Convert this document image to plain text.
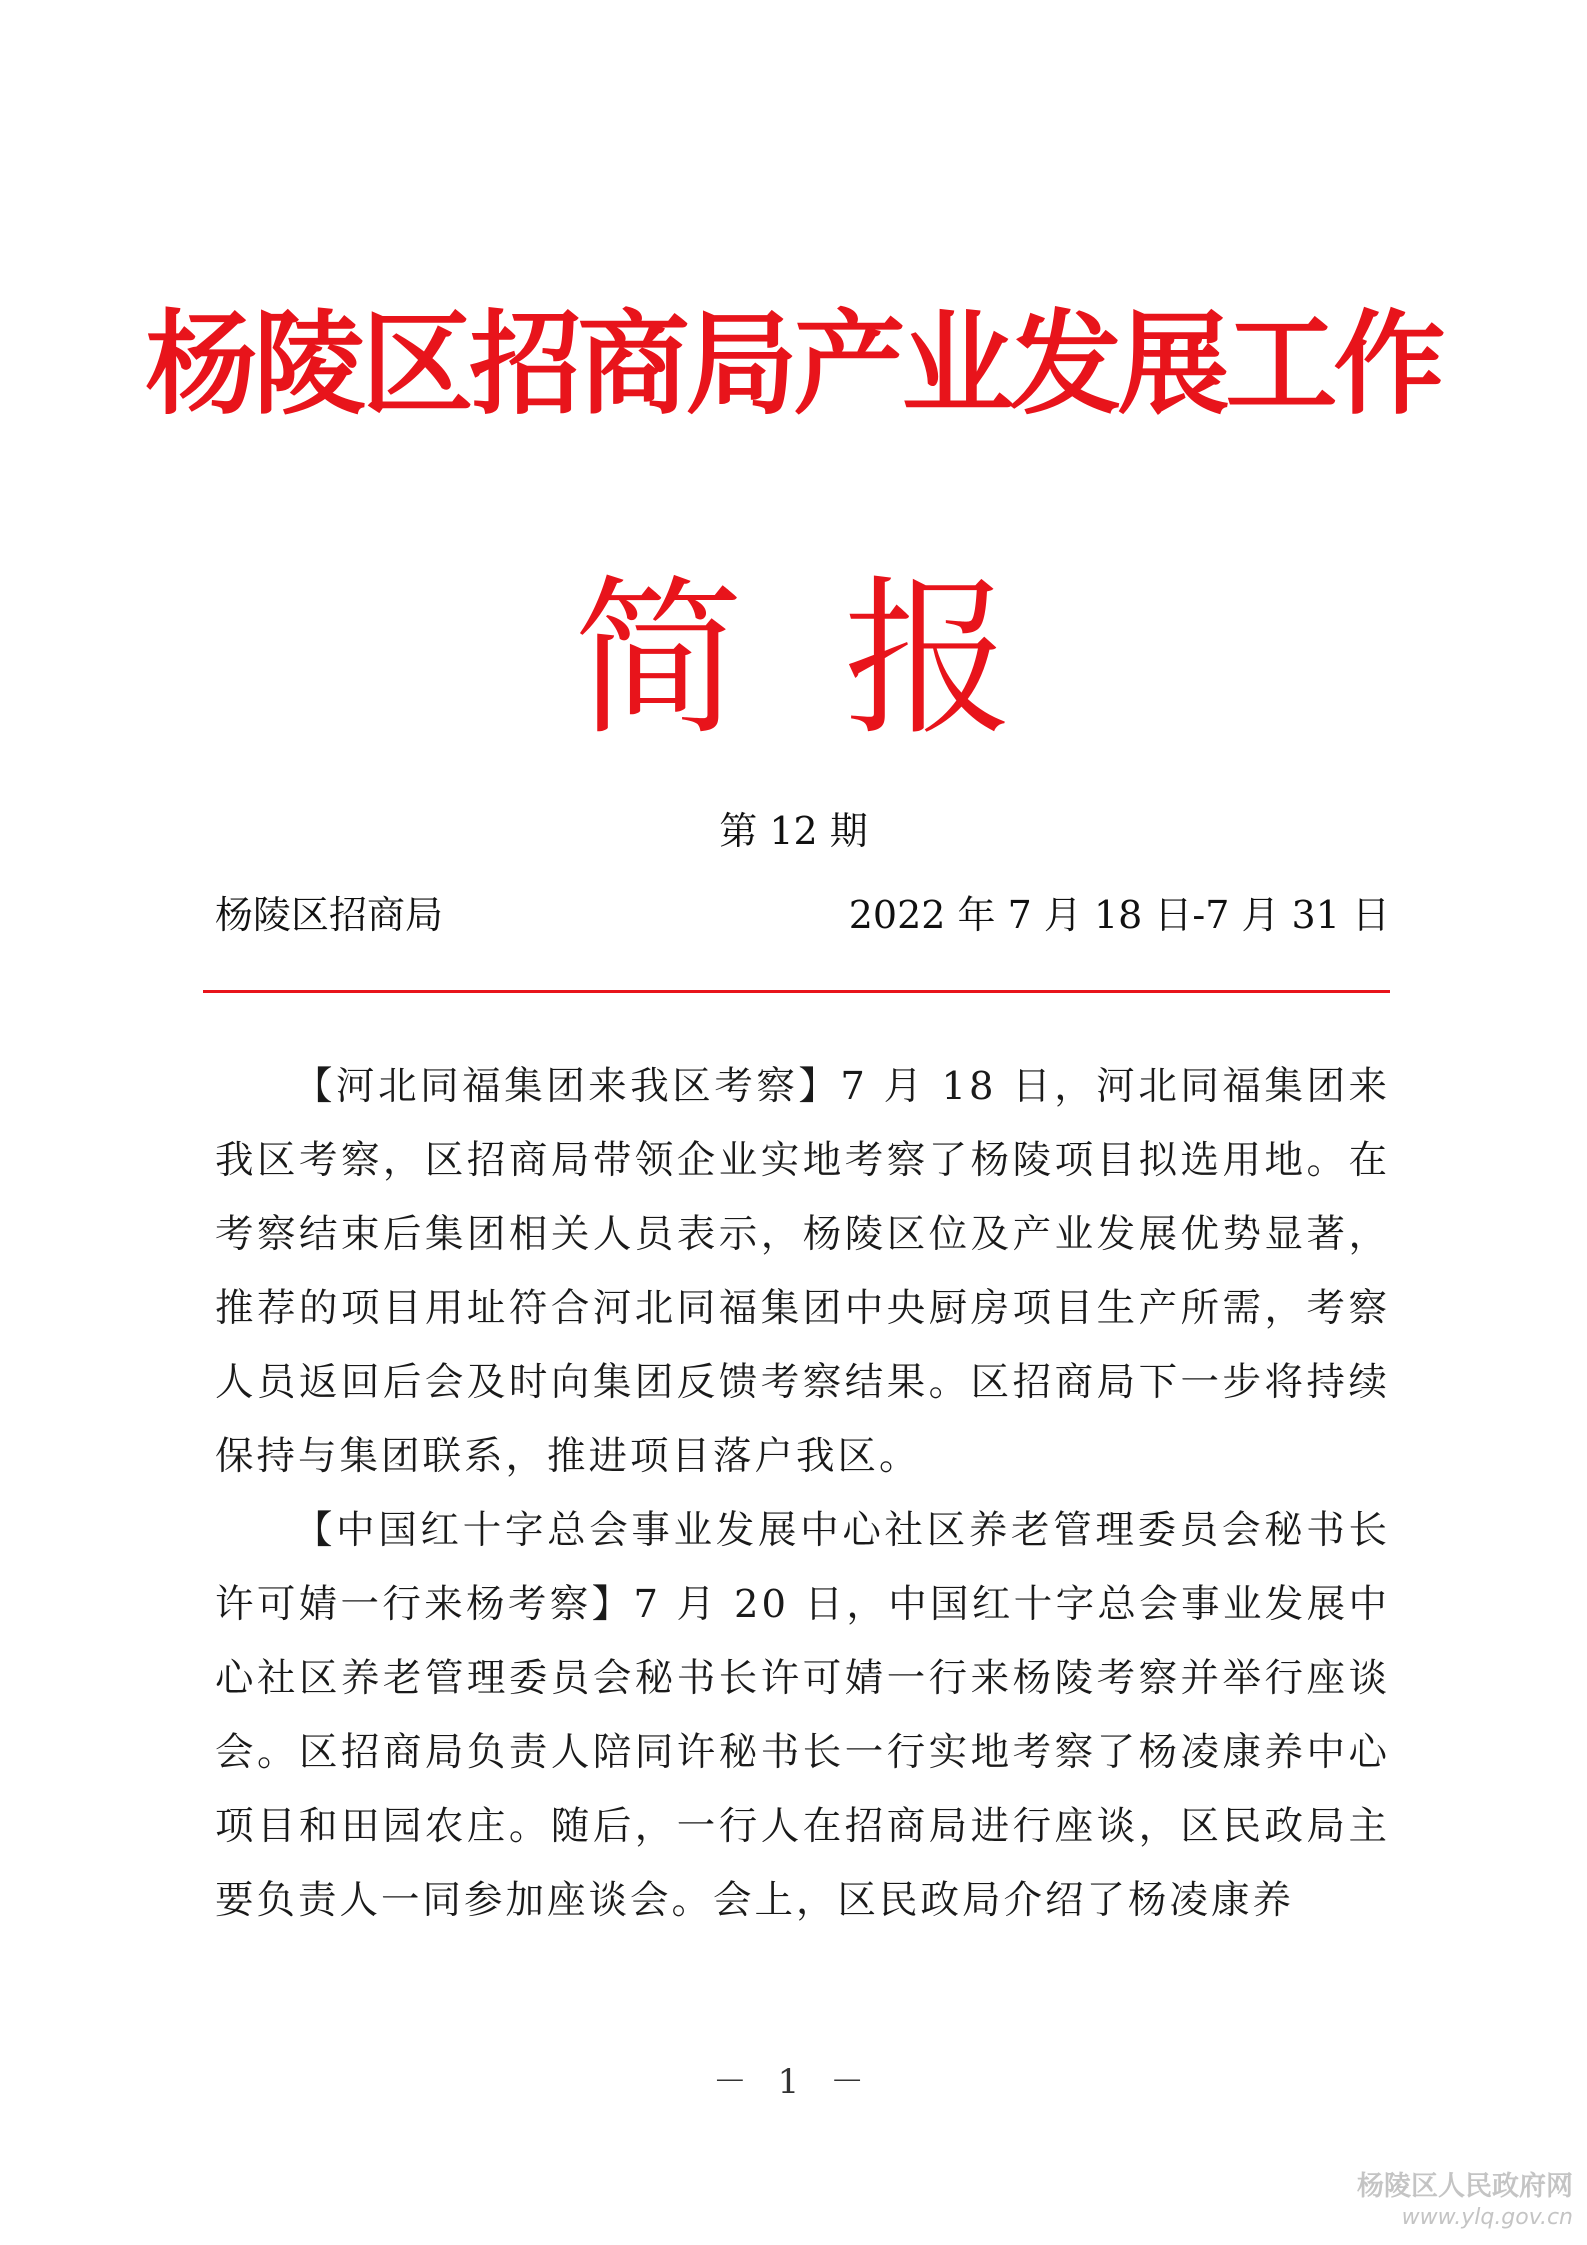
杨陵区招商局产业发展工作
简报
第 12 期
杨陵区招商局	2022 年 7 月 18 日-7 月 31 日

【河北同福集团来我区考察】7 月 18 日，河北同福集团来我区考察，区招商局带领企业实地考察了杨陵项目拟选用地。在考察结束后集团相关人员表示，杨陵区位及产业发展优势显著，推荐的项目用址符合河北同福集团中央厨房项目生产所需，考察人员返回后会及时向集团反馈考察结果。区招商局下一步将持续保持与集团联系，推进项目落户我区。

【中国红十字总会事业发展中心社区养老管理委员会秘书长许可婧一行来杨考察】7 月 20 日，中国红十字总会事业发展中心社区养老管理委员会秘书长许可婧一行来杨陵考察并举行座谈会。区招商局负责人陪同许秘书长一行实地考察了杨凌康养中心项目和田园农庄。随后，一行人在招商局进行座谈，区民政局主要负责人一同参加座谈会。会上，区民政局介绍了杨凌康养

－ 1 －
杨陵区人民政府网
www.ylq.gov.cn
